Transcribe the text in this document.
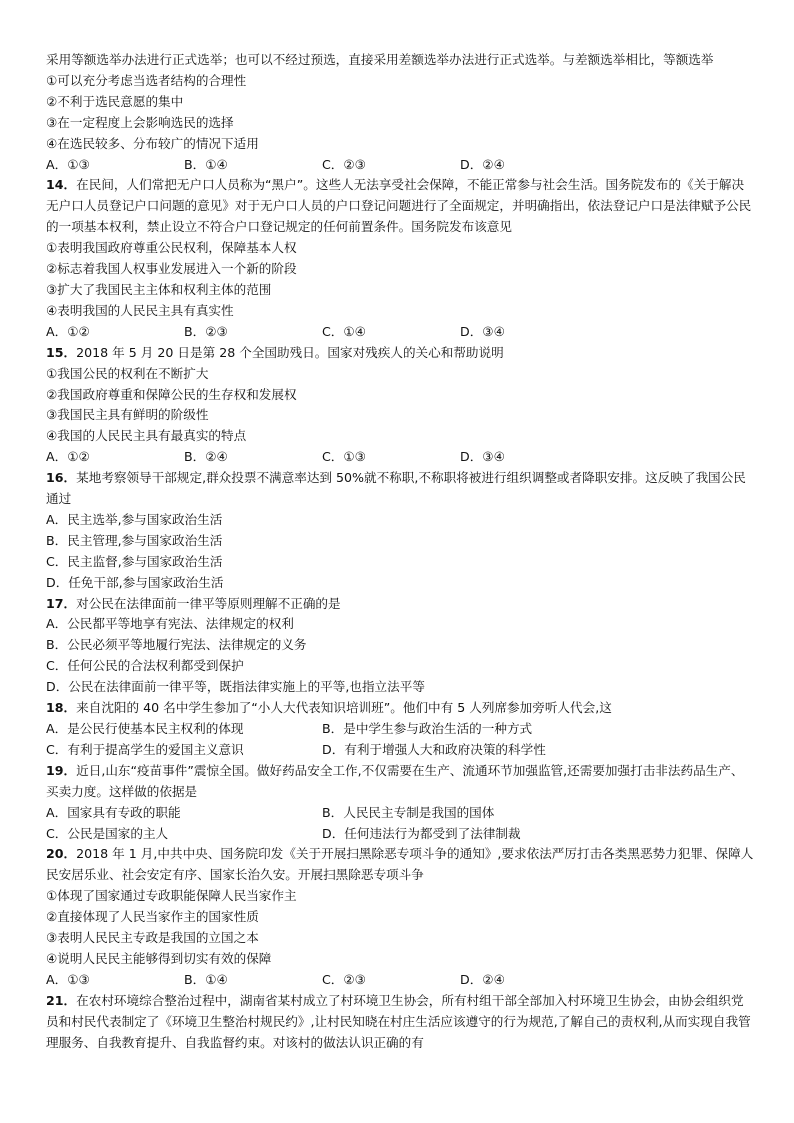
采用等额选举办法进行正式选举；也可以不经过预选，直接采用差额选举办法进行正式选举。与差额选举相比，等额选举
①可以充分考虑当选者结构的合理性
②不利于选民意愿的集中
③在一定程度上会影响选民的选择
④在选民较多、分布较广的情况下适用
A．①③	B．①④	C．②③	D．②④
14．在民间，人们常把无户口人员称为“黑户”。这些人无法享受社会保障，不能正常参与社会生活。国务院发布的《关于解决无户口人员登记户口问题的意见》对于无户口人员的户口登记问题进行了全面规定，并明确指出，依法登记户口是法律赋予公民的一项基本权利，禁止设立不符合户口登记规定的任何前置条件。国务院发布该意见
①表明我国政府尊重公民权利，保障基本人权
②标志着我国人权事业发展进入一个新的阶段
③扩大了我国民主主体和权利主体的范围
④表明我国的人民民主具有真实性
A．①②	B．②③	C．①④	D．③④
15．2018 年 5 月 20 日是第 28 个全国助残日。国家对残疾人的关心和帮助说明
①我国公民的权利在不断扩大
②我国政府尊重和保障公民的生存权和发展权
③我国民主具有鲜明的阶级性
④我国的人民民主具有最真实的特点
A．①②	B．②④	C．①③	D．③④
16．某地考察领导干部规定,群众投票不满意率达到 50%就不称职,不称职将被进行组织调整或者降职安排。这反映了我国公民通过
A．民主选举,参与国家政治生活
B．民主管理,参与国家政治生活
C．民主监督,参与国家政治生活
D．任免干部,参与国家政治生活
17．对公民在法律面前一律平等原则理解不正确的是
A．公民都平等地享有宪法、法律规定的权利
B．公民必须平等地履行宪法、法律规定的义务
C．任何公民的合法权利都受到保护
D．公民在法律面前一律平等，既指法律实施上的平等,也指立法平等
18．来自沈阳的 40 名中学生参加了“小人大代表知识培训班”。他们中有 5 人列席参加旁听人代会,这
A．是公民行使基本民主权利的体现	B．是中学生参与政治生活的一种方式
C．有利于提高学生的爱国主义意识	D．有利于增强人大和政府决策的科学性
19．近日,山东“疫苗事件”震惊全国。做好药品安全工作,不仅需要在生产、流通环节加强监管,还需要加强打击非法药品生产、买卖力度。这样做的依据是
A．国家具有专政的职能	B．人民民主专制是我国的国体
C．公民是国家的主人	D．任何违法行为都受到了法律制裁
20．2018 年 1 月,中共中央、国务院印发《关于开展扫黑除恶专项斗争的通知》,要求依法严厉打击各类黑恶势力犯罪、保障人民安居乐业、社会安定有序、国家长治久安。开展扫黑除恶专项斗争
①体现了国家通过专政职能保障人民当家作主
②直接体现了人民当家作主的国家性质
③表明人民民主专政是我国的立国之本
④说明人民民主能够得到切实有效的保障
A．①③	B．①④	C．②③	D．②④
21．在农村环境综合整治过程中，湖南省某村成立了村环境卫生协会，所有村组干部全部加入村环境卫生协会，由协会组织党员和村民代表制定了《环境卫生整治村规民约》,让村民知晓在村庄生活应该遵守的行为规范,了解自己的责权利,从而实现自我管理服务、自我教育提升、自我监督约束。对该村的做法认识正确的有
